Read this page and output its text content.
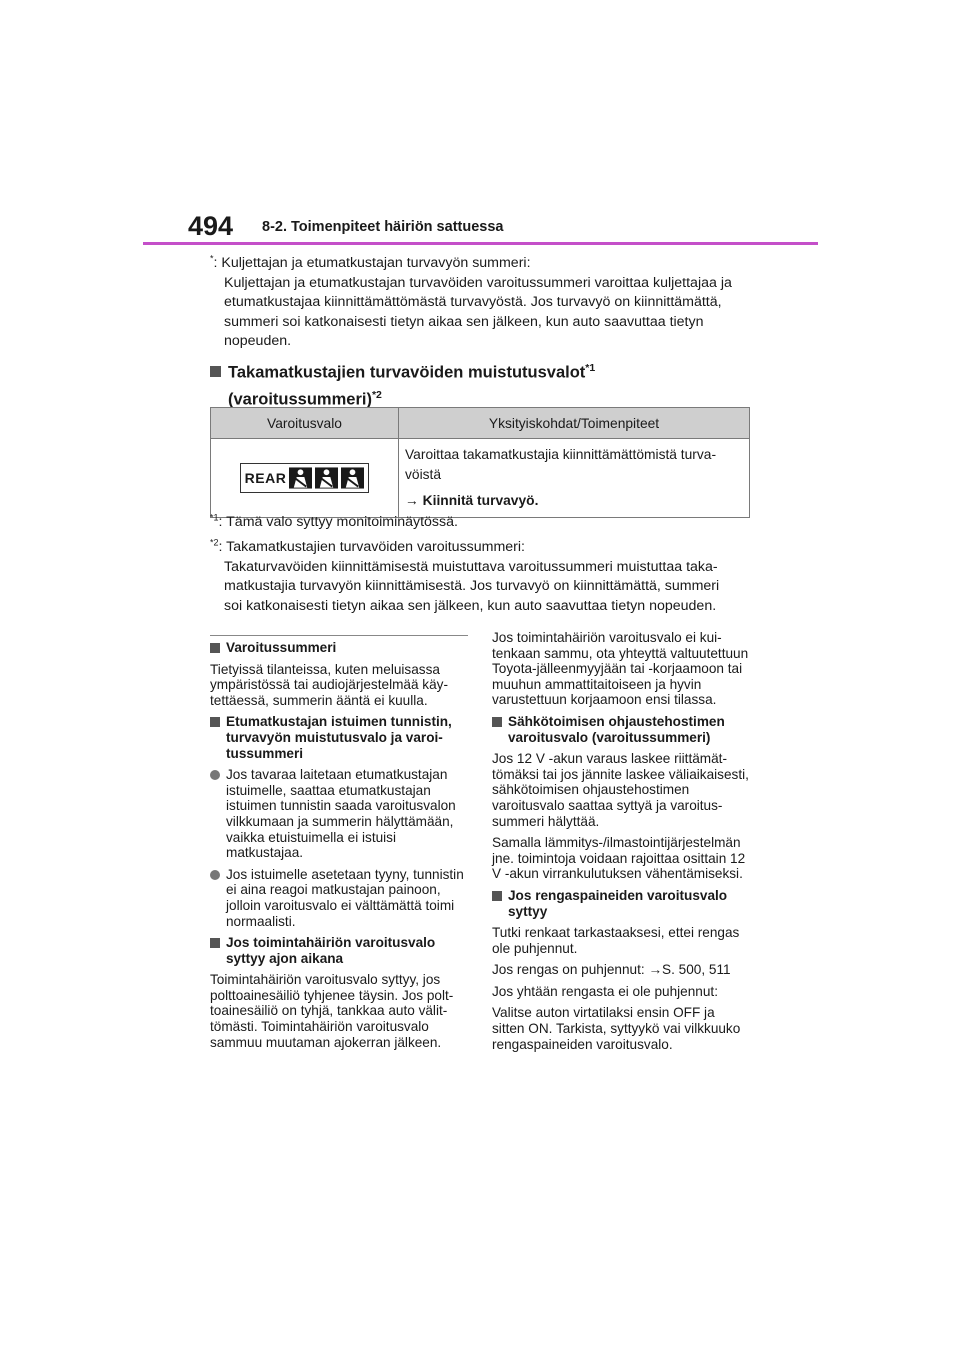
494 8-2. Toimenpiteet häiriön sattuessa
*: Kuljettajan ja etumatkustajan turvavyön summeri:
Kuljettajan ja etumatkustajan turvavöiden varoitussummeri varoittaa kuljettajaa ja
etumatkustajaa kiinnittämättömästä turvavyöstä. Jos turvavyö on kiinnittämättä,
summeri soi katkonaisesti tietyn aikaa sen jälkeen, kun auto saavuttaa tietyn
nopeuden.
Takamatkustajien turvavöiden muistutusvalot$^{*1}$
(varoitussummeri)$^{*2}$
Varoitusvalo	Yksityiskohdat/Toimenpiteet

REAR	Varoittaa takamatkustajia kiinnittämättömistä turva-
vöistä
→ Kiinnitä turvavyö.
$^{*1}$: Tämä valo syttyy monitoiminäytössä.
$^{*2}$: Takamatkustajien turvavöiden varoitussummeri:
Takaturvavöiden kiinnittämisestä muistuttava varoitussummeri muistuttaa taka-
matkustajia turvavyön kiinnittämisestä. Jos turvavyö on kiinnittämättä, summeri
soi katkonaisesti tietyn aikaa sen jälkeen, kun auto saavuttaa tietyn nopeuden.
Varoitussummeri

Tietyissä tilanteissa, kuten meluisassa ympäristössä tai audiojärjestelmää käytettäessä, summerin ääntä ei kuulla.

Etumatkustajan istuimen tunnistin, turvavyön muistutusvalo ja varoitussummeri
Jos tavaraa laitetaan etumatkustajan istuimelle, saattaa etumatkustajan istuimen tunnistin saada varoitusvalon vilkkumaan ja summerin hälyttämään, vaikka etuistuimella ei istuisi matkustajaa.
Jos istuimelle asetetaan tyyny, tunnistin ei aina reagoi matkustajan painoon, jolloin varoitusvalo ei välttämättä toimi normaalisti.
Jos toimintahäiriön varoitusvalo syttyy ajon aikana

Toimintahäiriön varoitusvalo syttyy, jos polttoainesäiliö tyhjenee täysin. Jos polttoainesäiliö on tyhjä, tankkaa auto välittömästi. Toimintahäiriön varoitusvalo sammuu muutaman ajokerran jälkeen.

Jos toimintahäiriön varoitusvalo ei kuitenkaan sammu, ota yhteyttä valtuutettuun Toyota-jälleenmyyjään tai -korjaamoon tai muuhun ammattitaitoiseen ja hyvin varustettuun korjaamoon ensi tilassa.

Sähkötoimisen ohjaustehostimen varoitusvalo (varoitussummeri)

Jos 12 V -akun varaus laskee riittämättömäksi tai jos jännite laskee väliaikaisesti, sähkötoimisen ohjaustehostimen varoitusvalo saattaa syttyä ja varoitussummeri hälyttää.

Samalla lämmitys-/ilmastointijärjestelmän jne. toimintoja voidaan rajoittaa osittain 12 V -akun virrankulutuksen vähentämiseksi.

Jos rengaspaineiden varoitusvalo syttyy

Tutki renkaat tarkastaaksesi, ettei rengas ole puhjennut.

Jos rengas on puhjennut: →S. 500, 511

Jos yhtään rengasta ei ole puhjennut:

Valitse auton virtatilaksi ensin OFF ja sitten ON. Tarkista, syttyykö vai vilkkuuko rengaspaineiden varoitusvalo.
